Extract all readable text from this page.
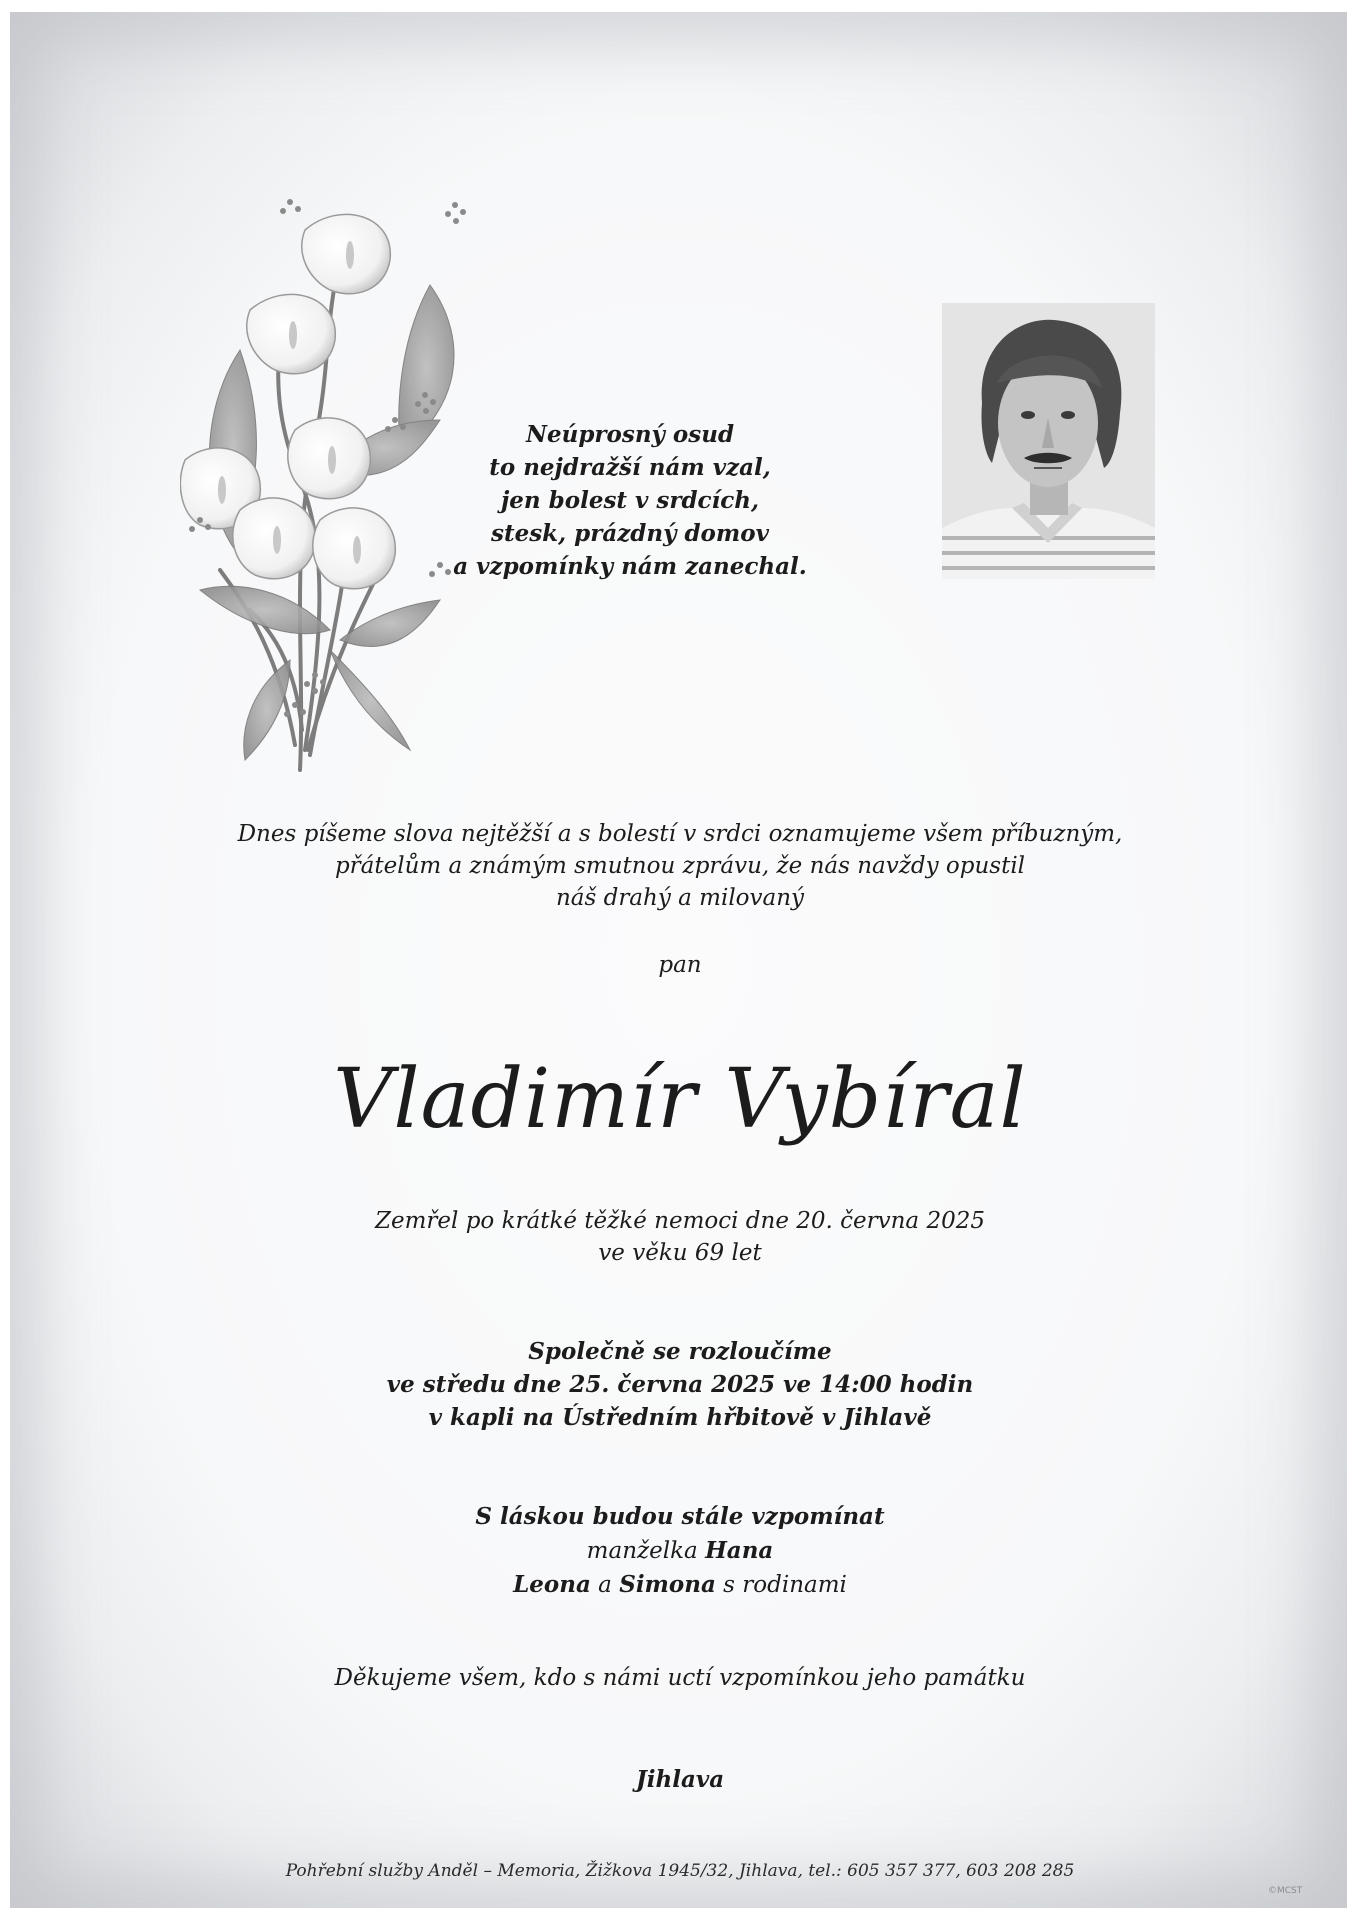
Neúprosný osud
to nejdražší nám vzal,
jen bolest v srdcích,
stesk, prázdný domov
a vzpomínky nám zanechal.
Dnes píšeme slova nejtěžší a s bolestí v srdci oznamujeme všem příbuzným,
přátelům a známým smutnou zprávu, že nás navždy opustil
náš drahý a milovaný
pan
Vladimír Vybíral
Zemřel po krátké těžké nemoci dne 20. června 2025
ve věku 69 let
Společně se rozloučíme
ve středu dne 25. června 2025 ve 14:00 hodin
v kapli na Ústředním hřbitově v Jihlavě
S láskou budou stále vzpomínat
manželka Hana
Leona a Simona s rodinami
Děkujeme všem, kdo s námi uctí vzpomínkou jeho památku
Jihlava
Pohřební služby Anděl – Memoria, Žižkova 1945/32, Jihlava, tel.: 605 357 377, 603 208 285
©MCST
